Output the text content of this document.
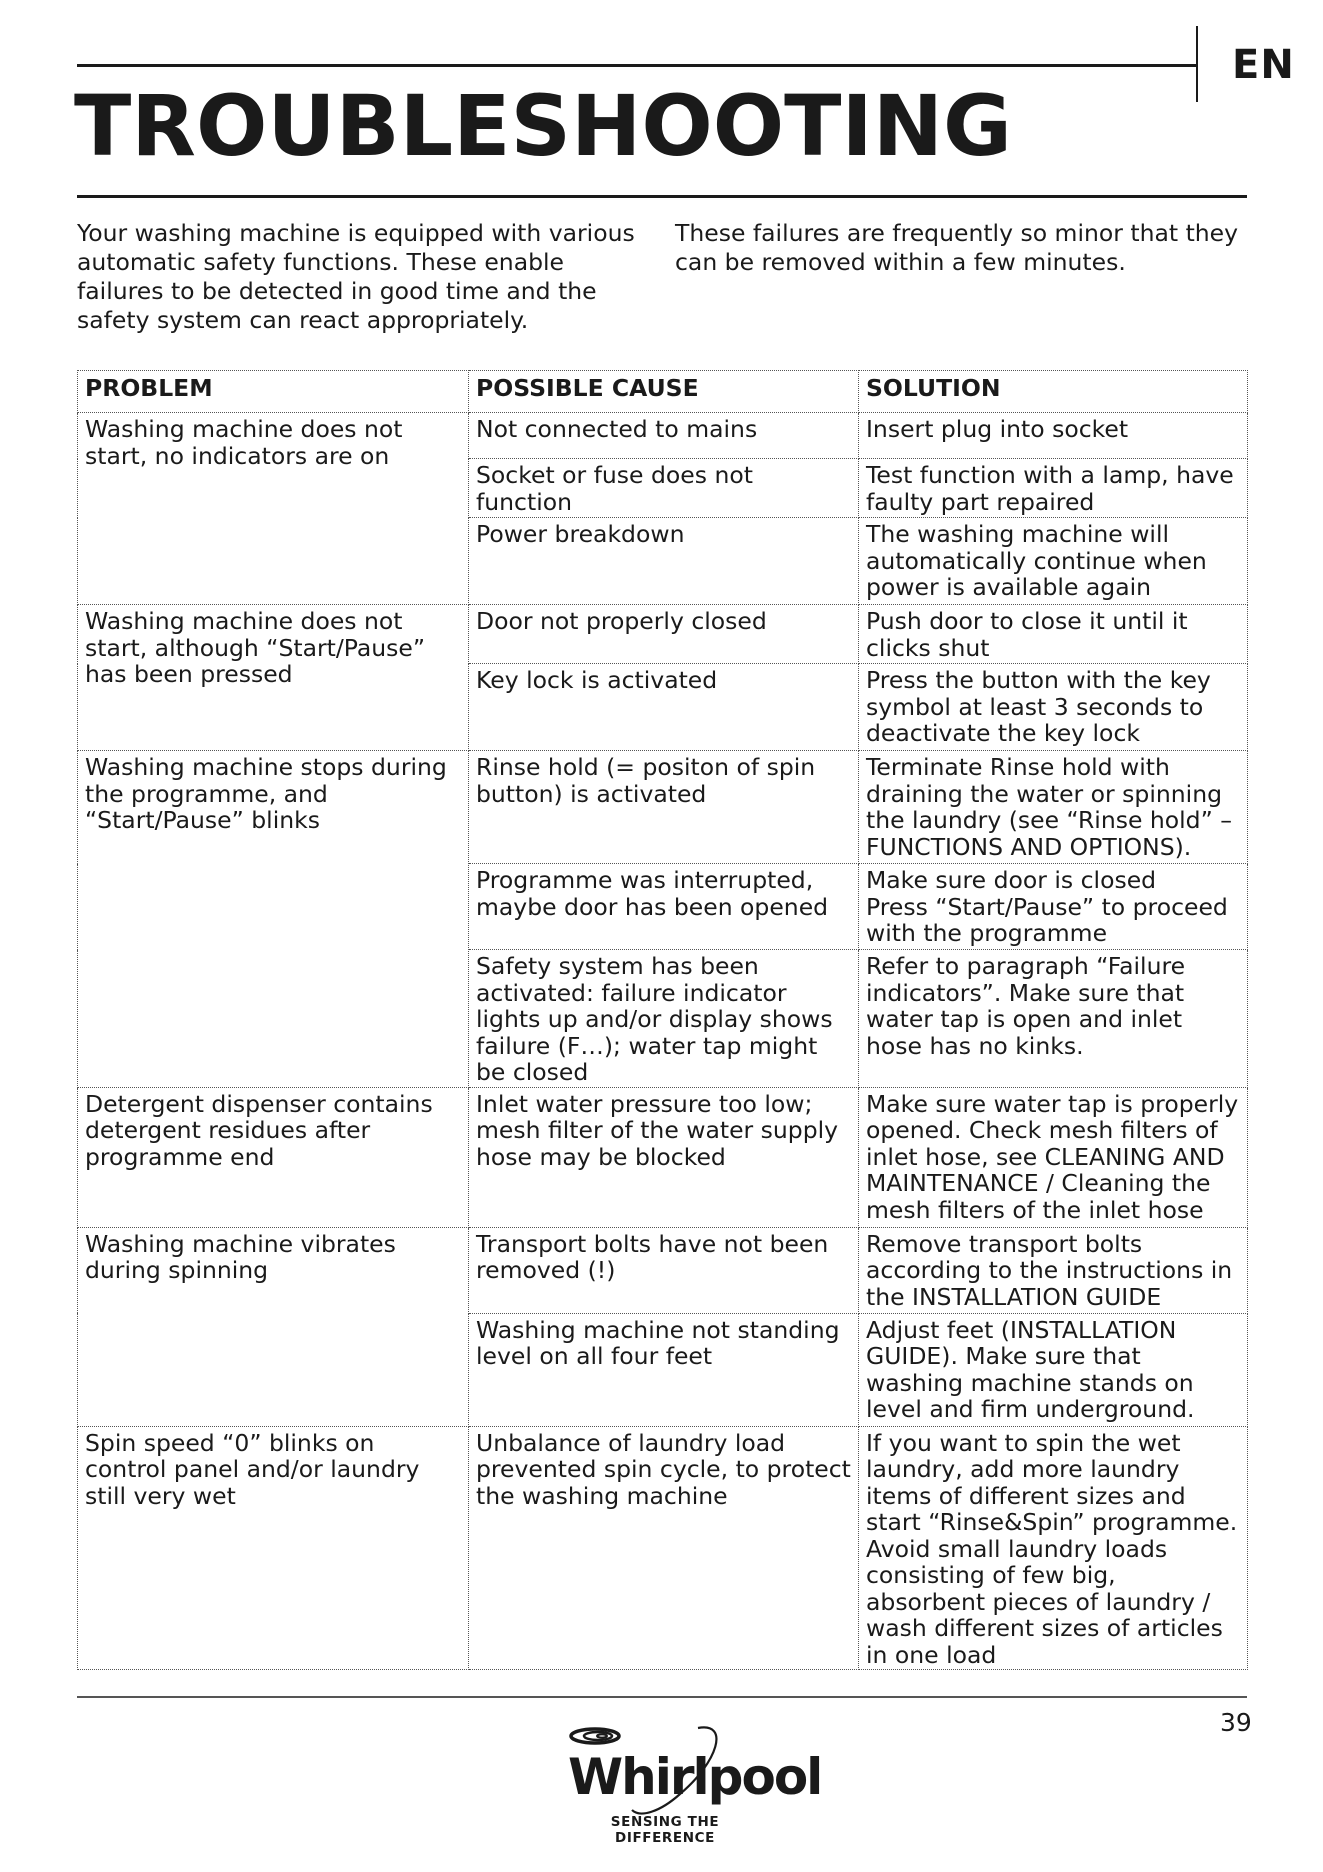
EN
TROUBLESHOOTING

Your washing machine is equipped with various automatic safety functions. These enable failures to be detected in good time and the safety system can react appropriately.

These failures are frequently so minor that they can be removed within a few minutes.

PROBLEM	POSSIBLE CAUSE	SOLUTION
Washing machine does not start, no indicators are on	Not connected to mains	Insert plug into socket

	Socket or fuse does not function	Test function with a lamp, have faulty part repaired

	Power breakdown	The washing machine will automatically continue when power is available again

Washing machine does not start, although “Start/Pause” has been pressed	Door not properly closed	Push door to close it until it clicks shut

	Key lock is activated	Press the button with the key symbol at least 3 seconds to deactivate the key lock

Washing machine stops during the programme, and “Start/Pause” blinks	Rinse hold (= positon of spin button) is activated	Terminate Rinse hold with draining the water or spinning the laundry (see “Rinse hold” – FUNCTIONS AND OPTIONS).

	Programme was interrupted, maybe door has been opened	Make sure door is closed
Press “Start/Pause” to proceed with the programme

	Safety system has been activated: failure indicator lights up and/or display shows failure (F…); water tap might be closed	Refer to paragraph “Failure indicators”. Make sure that water tap is open and inlet hose has no kinks.

Detergent dispenser contains detergent residues after programme end	Inlet water pressure too low; mesh filter of the water supply hose may be blocked	Make sure water tap is properly opened. Check mesh filters of inlet hose, see CLEANING AND MAINTENANCE / Cleaning the mesh filters of the inlet hose

Washing machine vibrates during spinning	Transport bolts have not been removed (!)	Remove transport bolts according to the instructions in the INSTALLATION GUIDE

	Washing machine not standing level on all four feet	Adjust feet (INSTALLATION GUIDE). Make sure that washing machine stands on level and firm underground.

Spin speed “0” blinks on control panel and/or laundry still very wet	Unbalance of laundry load prevented spin cycle, to protect the washing machine	If you want to spin the wet laundry, add more laundry items of different sizes and start “Rinse&Spin” programme.
Avoid small laundry loads consisting of few big, absorbent pieces of laundry / wash different sizes of articles in one load
39
Whirlpool
SENSING THE DIFFERENCE
